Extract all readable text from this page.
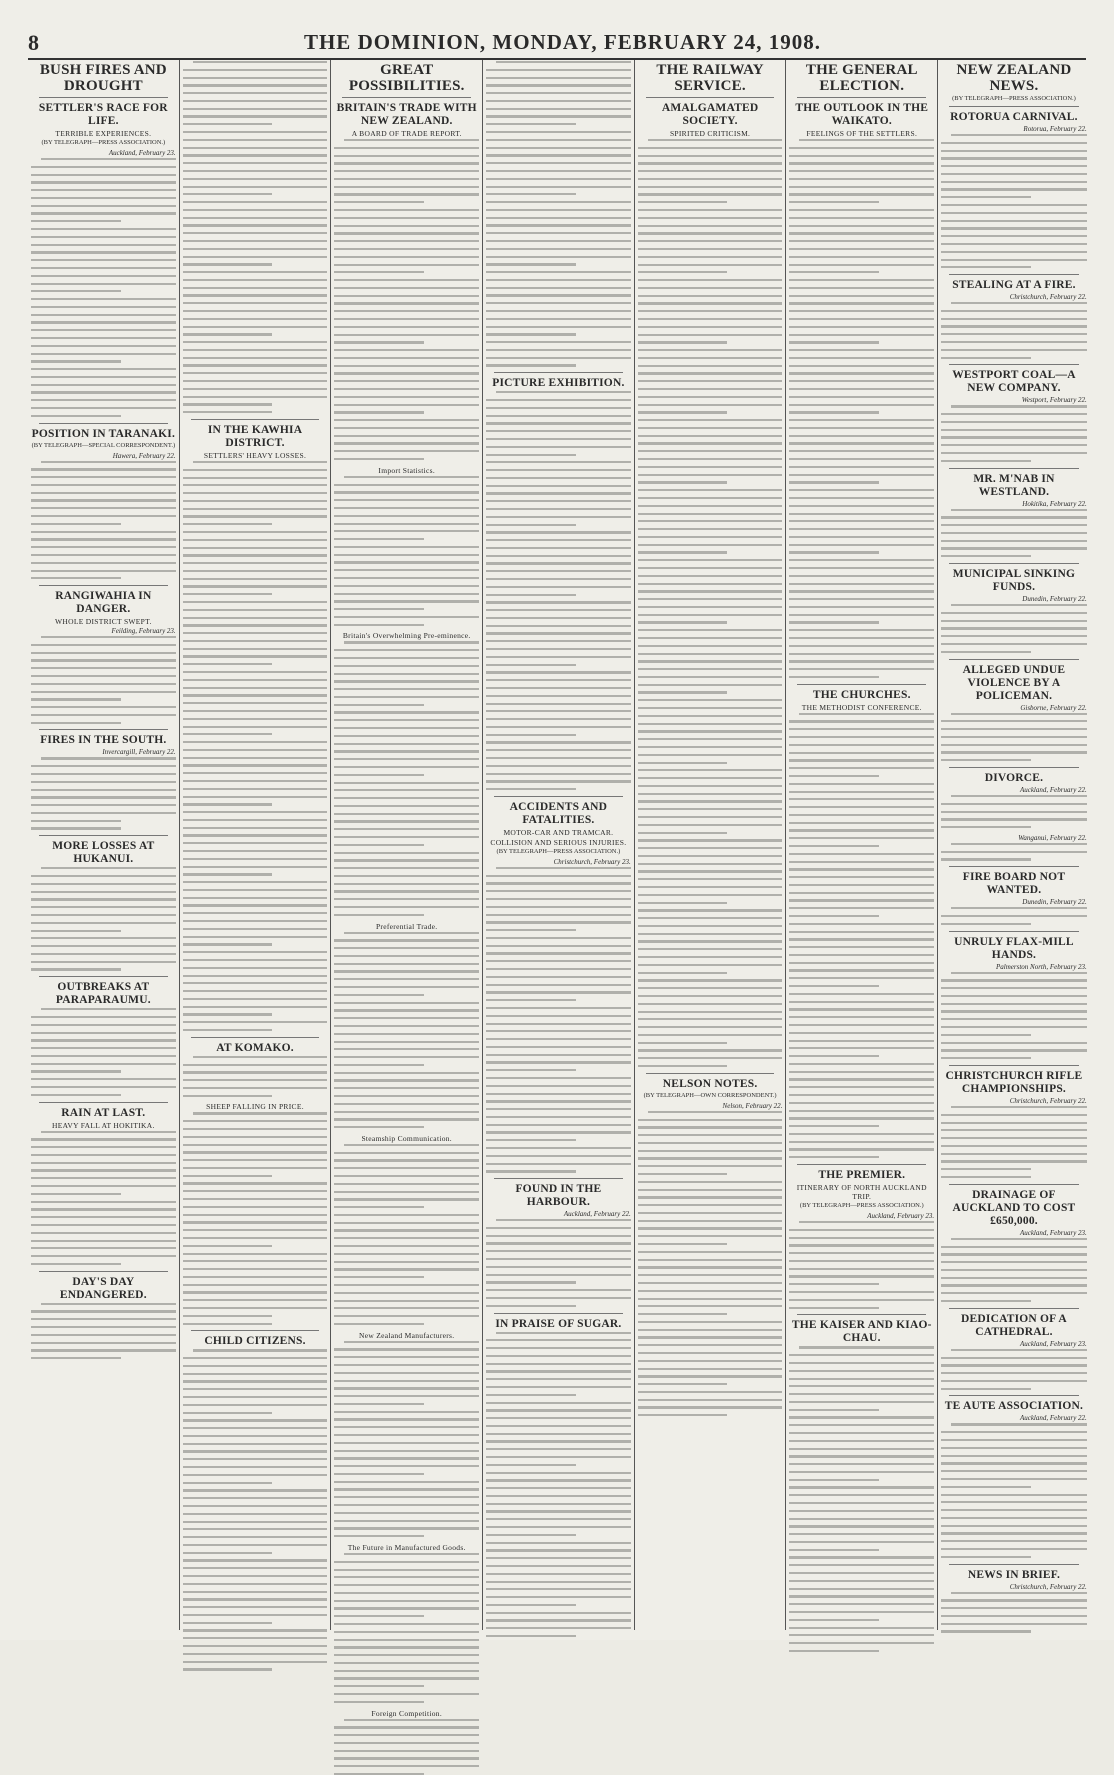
8	THE DOMINION, MONDAY, FEBRUARY 24, 1908.
BUSH FIRES AND DROUGHT
SETTLER'S RACE FOR LIFE.
TERRIBLE EXPERIENCES.
(BY TELEGRAPH—PRESS ASSOCIATION.)
Auckland, February 23.
POSITION IN TARANAKI.
(BY TELEGRAPH—SPECIAL CORRESPONDENT.)
Hawera, February 22.
RANGIWAHIA IN DANGER.
WHOLE DISTRICT SWEPT.
Feilding, February 23.
FIRES IN THE SOUTH.
Invercargill, February 22.
MORE LOSSES AT HUKANUI.
OUTBREAKS AT PARAPARAUMU.
RAIN AT LAST.
HEAVY FALL AT HOKITIKA.
DAY'S DAY ENDANGERED.
IN THE KAWHIA DISTRICT.
SETTLERS' HEAVY LOSSES.
AT KOMAKO.
SHEEP FALLING IN PRICE.
CHILD CITIZENS.
GREAT POSSIBILITIES.
BRITAIN'S TRADE WITH NEW ZEALAND.
A BOARD OF TRADE REPORT.
Import Statistics.
Britain's Overwhelming Pre-eminence.
Preferential Trade.
Steamship Communication.
New Zealand Manufacturers.
The Future in Manufactured Goods.
Foreign Competition.
PICTURE EXHIBITION.
ACCIDENTS AND FATALITIES.
MOTOR-CAR AND TRAMCAR.
COLLISION AND SERIOUS INJURIES.
(BY TELEGRAPH—PRESS ASSOCIATION.)
Christchurch, February 23.
FOUND IN THE HARBOUR.
Auckland, February 22.
IN PRAISE OF SUGAR.
THE RAILWAY SERVICE.
AMALGAMATED SOCIETY.
SPIRITED CRITICISM.
NELSON NOTES.
(BY TELEGRAPH—OWN CORRESPONDENT.)
Nelson, February 22.
THE GENERAL ELECTION.
THE OUTLOOK IN THE WAIKATO.
FEELINGS OF THE SETTLERS.
THE CHURCHES.
THE METHODIST CONFERENCE.
THE PREMIER.
ITINERARY OF NORTH AUCKLAND TRIP.
(BY TELEGRAPH—PRESS ASSOCIATION.)
Auckland, February 23.
THE KAISER AND KIAO-CHAU.
NEW ZEALAND NEWS.
(BY TELEGRAPH—PRESS ASSOCIATION.)
ROTORUA CARNIVAL.
Rotorua, February 22.
STEALING AT A FIRE.
Christchurch, February 22.
WESTPORT COAL—A NEW COMPANY.
Westport, February 22.
MR. M'NAB IN WESTLAND.
Hokitika, February 22.
MUNICIPAL SINKING FUNDS.
Dunedin, February 22.
ALLEGED UNDUE VIOLENCE BY A POLICEMAN.
Gisborne, February 22.
DIVORCE.
Auckland, February 22.
Wanganui, February 22.
FIRE BOARD NOT WANTED.
Dunedin, February 22.
UNRULY FLAX-MILL HANDS.
Palmerston North, February 23.
CHRISTCHURCH RIFLE CHAMPIONSHIPS.
Christchurch, February 22.
DRAINAGE OF AUCKLAND TO COST £650,000.
Auckland, February 23.
DEDICATION OF A CATHEDRAL.
Auckland, February 23.
TE AUTE ASSOCIATION.
Auckland, February 22.
NEWS IN BRIEF.
Christchurch, February 22.
